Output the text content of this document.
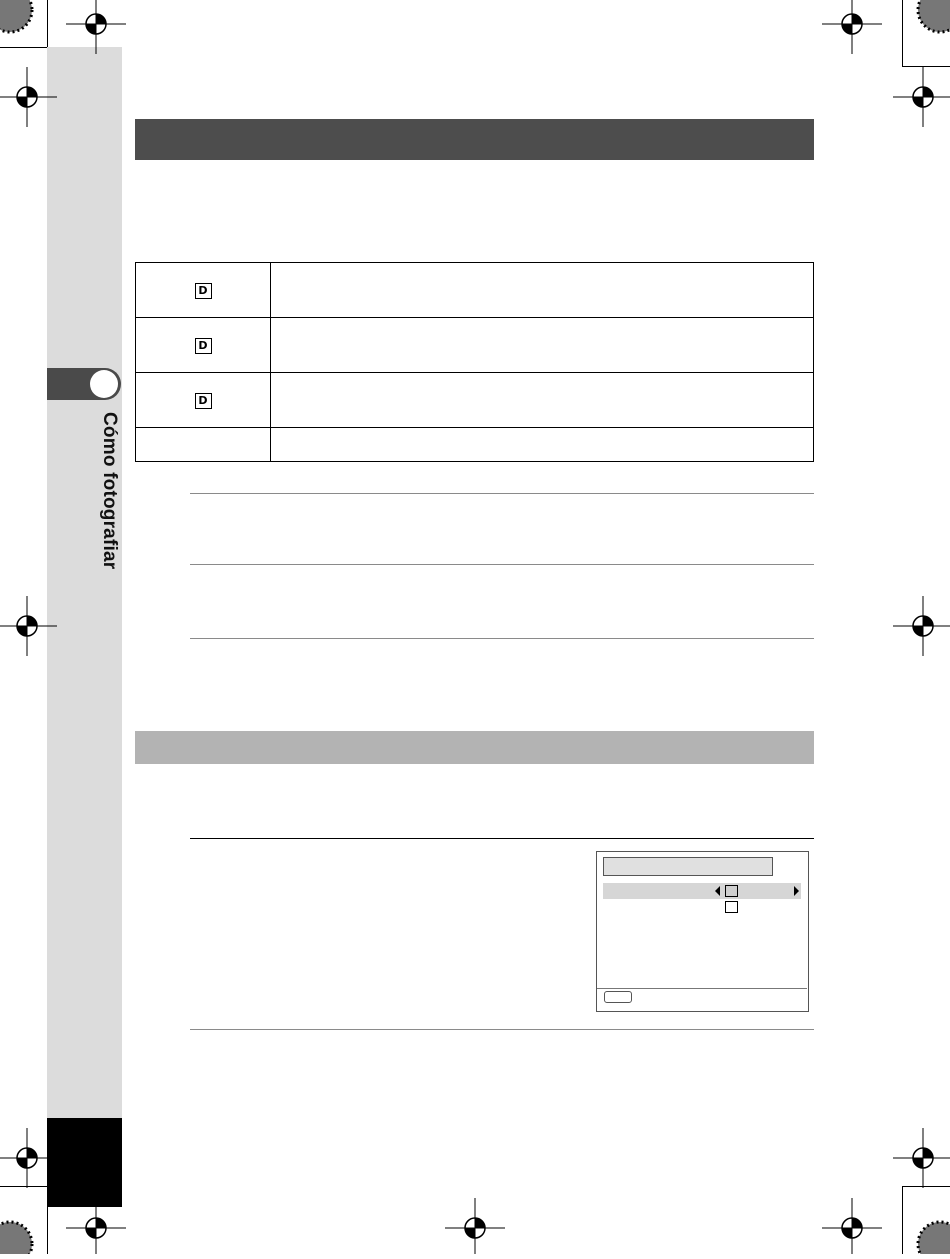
Cómo fotografiar
D	
D	
D	
